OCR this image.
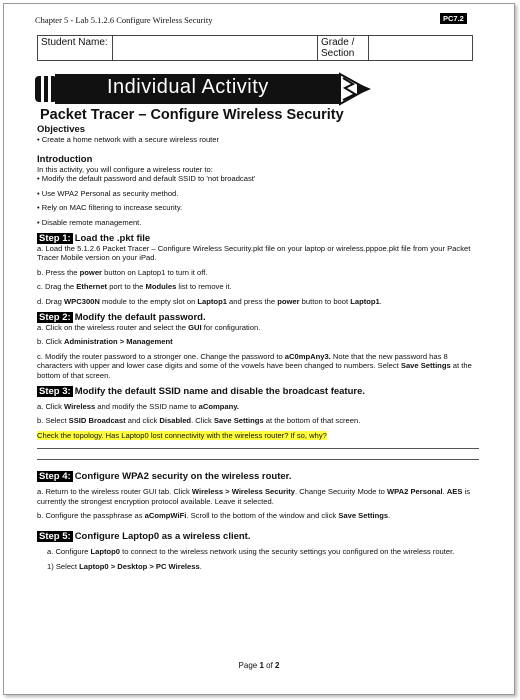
Chapter 5 - Lab 5.1.2.6 Configure Wireless Security	PC7.2
Student Name:		Grade / Section	
Individual Activity
Packet Tracer – Configure Wireless Security
Objectives

• Create a home network with a secure wireless router

Introduction

In this activity, you will configure a wireless router to:

• Modify the default password and default SSID to 'not broadcast'

• Use WPA2 Personal as security method.

• Rely on MAC filtering to increase security.

• Disable remote management.

Step 1: Load the .pkt file

a. Load the 5.1.2.6 Packet Tracer – Configure Wireless Security.pkt file on your laptop or wireless.pppoe.pkt file from your Packet Tracer Mobile version on your iPad.

b. Press the power button on Laptop1 to turn it off.

c. Drag the Ethernet port to the Modules list to remove it.

d. Drag WPC300N module to the empty slot on Laptop1 and press the power button to boot Laptop1.

Step 2: Modify the default password.

a. Click on the wireless router and select the GUI for configuration.

b. Click Administration > Management

c. Modify the router password to a stronger one. Change the password to aC0mpAny3. Note that the new password has 8 characters with upper and lower case digits and some of the vowels have been changed to numbers. Select Save Settings at the bottom of that screen.

Step 3: Modify the default SSID name and disable the broadcast feature.

a. Click Wireless and modify the SSID name to aCompany.

b. Select SSID Broadcast and click Disabled. Click Save Settings at the bottom of that screen.

Check the topology. Has Laptop0 lost connectivity with the wireless router? If so, why?

Step 4: Configure WPA2 security on the wireless router.

a. Return to the wireless router GUI tab. Click Wireless > Wireless Security. Change Security Mode to WPA2 Personal. AES is currently the strongest encryption protocol available. Leave it selected.

b. Configure the passphrase as aCompWiFi. Scroll to the bottom of the window and click Save Settings.

Step 5: Configure Laptop0 as a wireless client.

a. Configure Laptop0 to connect to the wireless network using the security settings you configured on the wireless router.

1) Select Laptop0 > Desktop > PC Wireless.

Page 1 of 2
